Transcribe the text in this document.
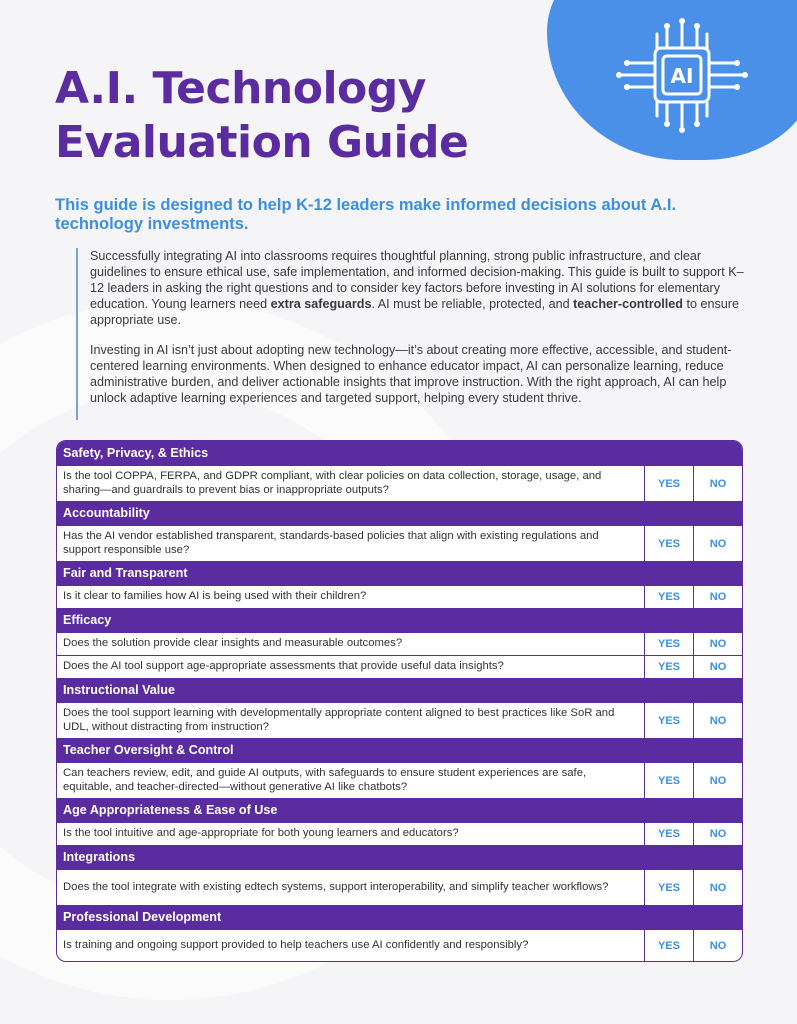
AI
A.I. Technology
Evaluation Guide

This guide is designed to help K-12 leaders make informed decisions about A.I. technology investments.

Successfully integrating AI into classrooms requires thoughtful planning, strong public infrastructure, and clear guidelines to ensure ethical use, safe implementation, and informed decision-making. This guide is built to support K–12 leaders in asking the right questions and to consider key factors before investing in AI solutions for elementary education. Young learners need extra safeguards. AI must be reliable, protected, and teacher-controlled to ensure appropriate use.

Investing in AI isn’t just about adopting new technology—it’s about creating more effective, accessible, and student-centered learning environments. When designed to enhance educator impact, AI can personalize learning, reduce administrative burden, and deliver actionable insights that improve instruction. With the right approach, AI can help unlock adaptive learning experiences and targeted support, helping every student thrive.

Safety, Privacy, & Ethics
Is the tool COPPA, FERPA, and GDPR compliant, with clear policies on data collection, storage, usage, and sharing—and guardrails to prevent bias or inappropriate outputs?	YES	NO
Accountability
Has the AI vendor established transparent, standards-based policies that align with existing regulations and support responsible use?	YES	NO
Fair and Transparent
Is it clear to families how AI is being used with their children?	YES	NO
Efficacy
Does the solution provide clear insights and measurable outcomes?	YES	NO
Does the AI tool support age-appropriate assessments that provide useful data insights?	YES	NO
Instructional Value
Does the tool support learning with developmentally appropriate content aligned to best practices like SoR and UDL, without distracting from instruction?	YES	NO
Teacher Oversight & Control
Can teachers review, edit, and guide AI outputs, with safeguards to ensure student experiences are safe, equitable, and teacher-directed—without generative AI like chatbots?	YES	NO
Age Appropriateness & Ease of Use
Is the tool intuitive and age-appropriate for both young learners and educators?	YES	NO
Integrations
Does the tool integrate with existing edtech systems, support interoperability, and simplify teacher workflows?	YES	NO
Professional Development
Is training and ongoing support provided to help teachers use AI confidently and responsibly?	YES	NO
